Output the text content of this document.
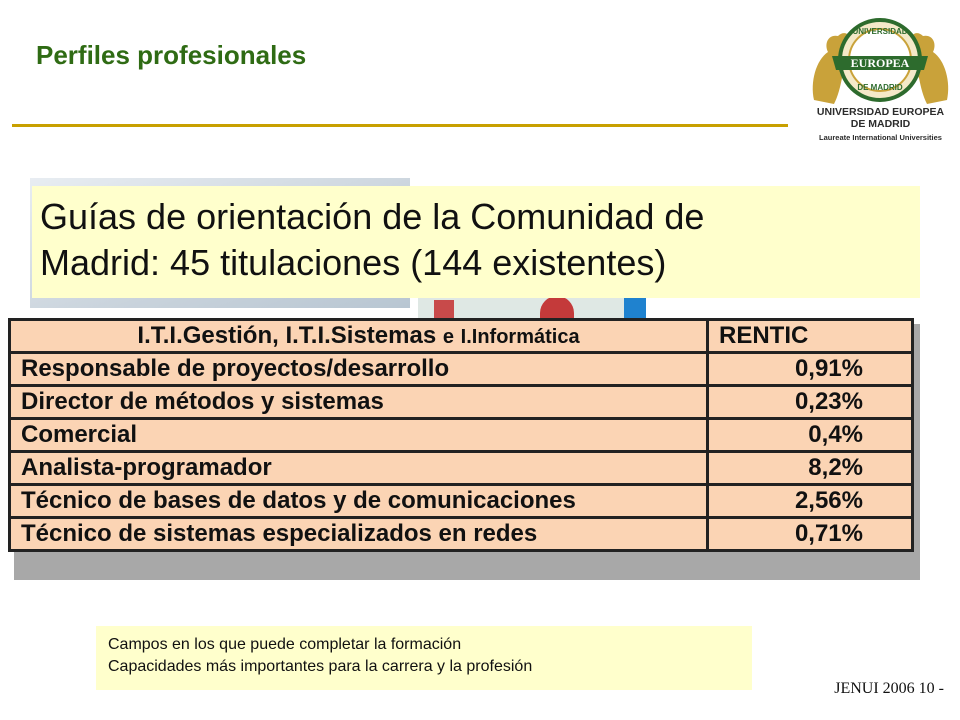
Perfiles profesionales	EUROPEA
UNIVERSIDAD
DE MADRID
UNIVERSIDAD EUROPEA
DE MADRID
Laureate International Universities
Guías de orientación de la Comunidad de
Madrid: 45 titulaciones (144 existentes)
I.T.I.Gestión, I.T.I.Sistemas e I.Informática	RENTIC
Responsable de proyectos/desarrollo	0,91%
Director de métodos y sistemas	0,23%
Comercial	0,4%
Analista-programador	8,2%
Técnico de bases de datos y de comunicaciones	2,56%
Técnico de sistemas especializados en redes	0,71%
Campos en los que puede completar la formación
Capacidades más importantes para la carrera y la profesión
JENUI 2006 10 -
